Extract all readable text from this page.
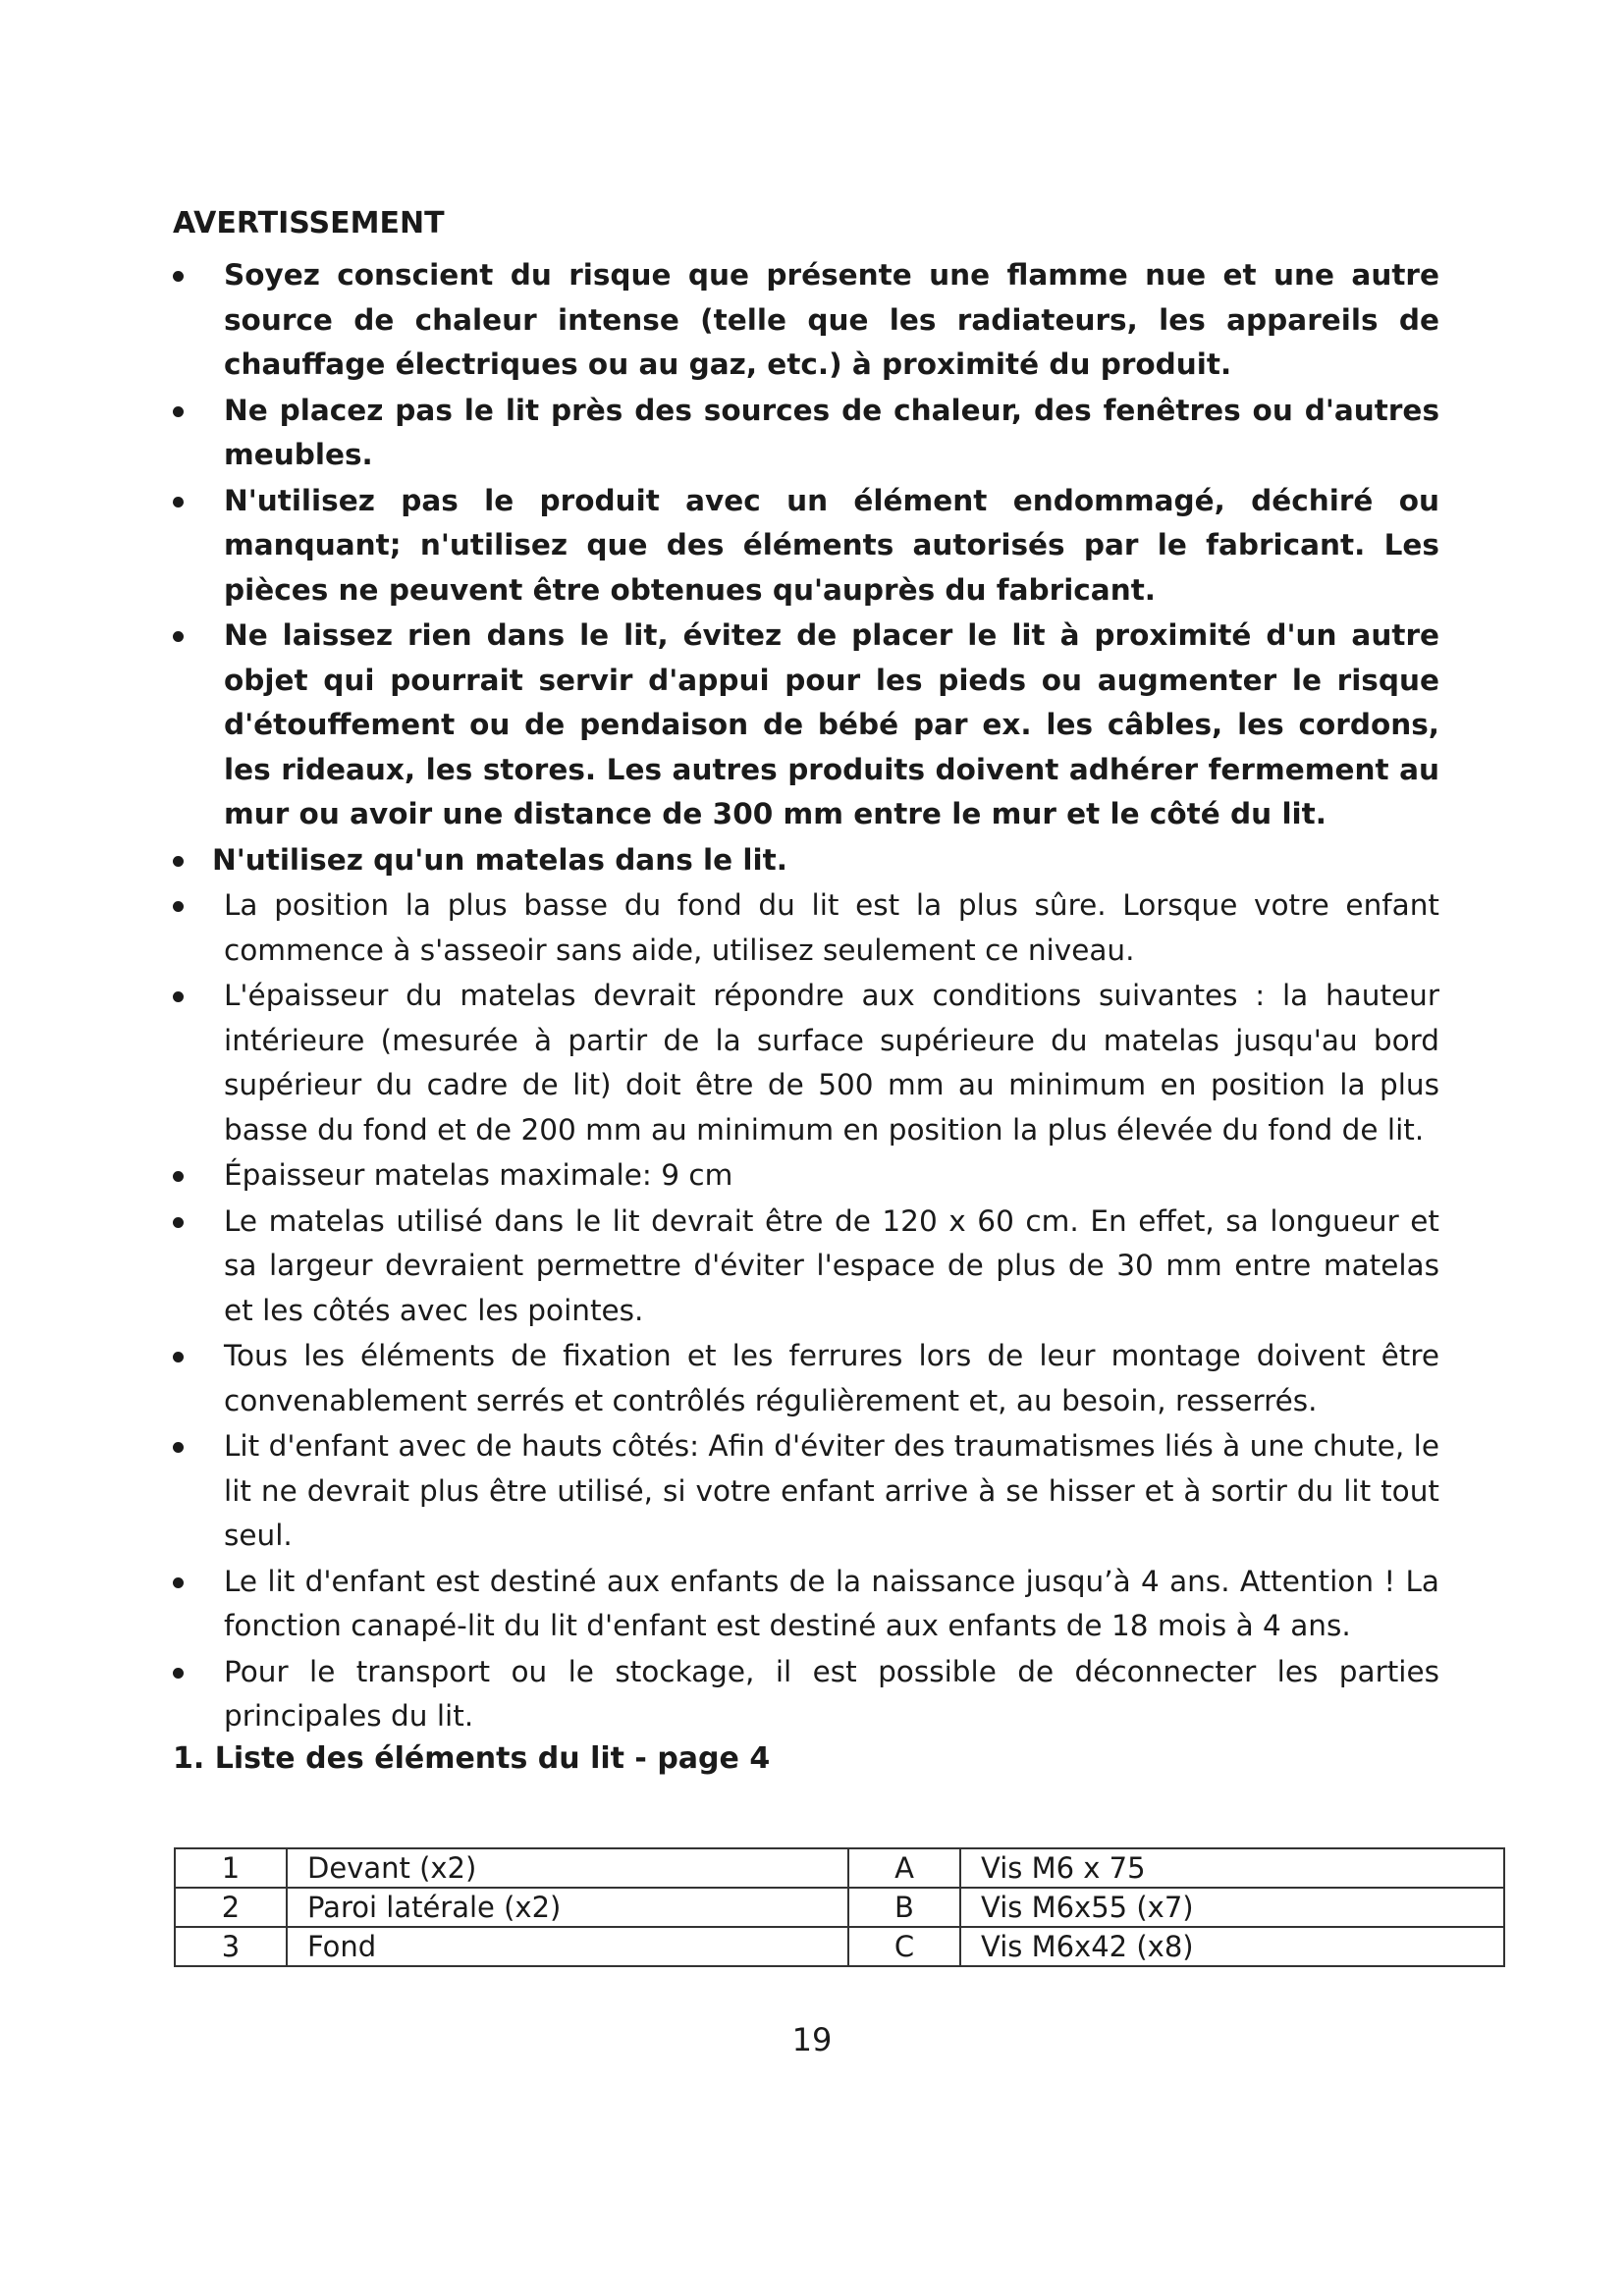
AVERTISSEMENT
Soyez conscient du risque que présente une flamme nue et une autre source de chaleur intense (telle que les radiateurs, les appareils de chauffage électriques ou au gaz, etc.) à proximité du produit.
Ne placez pas le lit près des sources de chaleur, des fenêtres ou d'autres meubles.
N'utilisez pas le produit avec un élément endommagé, déchiré ou manquant; n'utilisez que des éléments autorisés par le fabricant. Les pièces ne peuvent être obtenues qu'auprès du fabricant.
Ne laissez rien dans le lit, évitez de placer le lit à proximité d'un autre objet qui pourrait servir d'appui pour les pieds ou augmenter le risque d'étouffement ou de pendaison de bébé par ex. les câbles, les cordons, les rideaux, les stores. Les autres produits doivent adhérer fermement au mur ou avoir une distance de 300 mm entre le mur et le côté du lit.
N'utilisez qu'un matelas dans le lit.
La position la plus basse du fond du lit est la plus sûre. Lorsque votre enfant commence à s'asseoir sans aide, utilisez seulement ce niveau.
L'épaisseur du matelas devrait répondre aux conditions suivantes : la hauteur intérieure (mesurée à partir de la surface supérieure du matelas jusqu'au bord supérieur du cadre de lit) doit être de 500 mm au minimum en position la plus basse du fond et de 200 mm au minimum en position la plus élevée du fond de lit.
Épaisseur matelas maximale: 9 cm
Le matelas utilisé dans le lit devrait être de 120 x 60 cm. En effet, sa longueur et sa largeur devraient permettre d'éviter l'espace de plus de 30 mm entre matelas et les côtés avec les pointes.
Tous les éléments de fixation et les ferrures lors de leur montage doivent être convenablement serrés et contrôlés régulièrement et, au besoin, resserrés.
Lit d'enfant avec de hauts côtés: Afin d'éviter des traumatismes liés à une chute, le lit ne devrait plus être utilisé, si votre enfant arrive à se hisser et à sortir du lit tout seul.
Le lit d'enfant est destiné aux enfants de la naissance jusqu’à 4 ans. Attention ! La fonction canapé-lit du lit d'enfant est destiné aux enfants de 18 mois à 4 ans.
Pour le transport ou le stockage, il est possible de déconnecter les parties principales du lit.
1. Liste des éléments du lit - page 4
1	Devant (x2)	A	Vis M6 x 75
2	Paroi latérale (x2)	B	Vis M6x55 (x7)
3	Fond	C	Vis M6x42 (x8)
19
